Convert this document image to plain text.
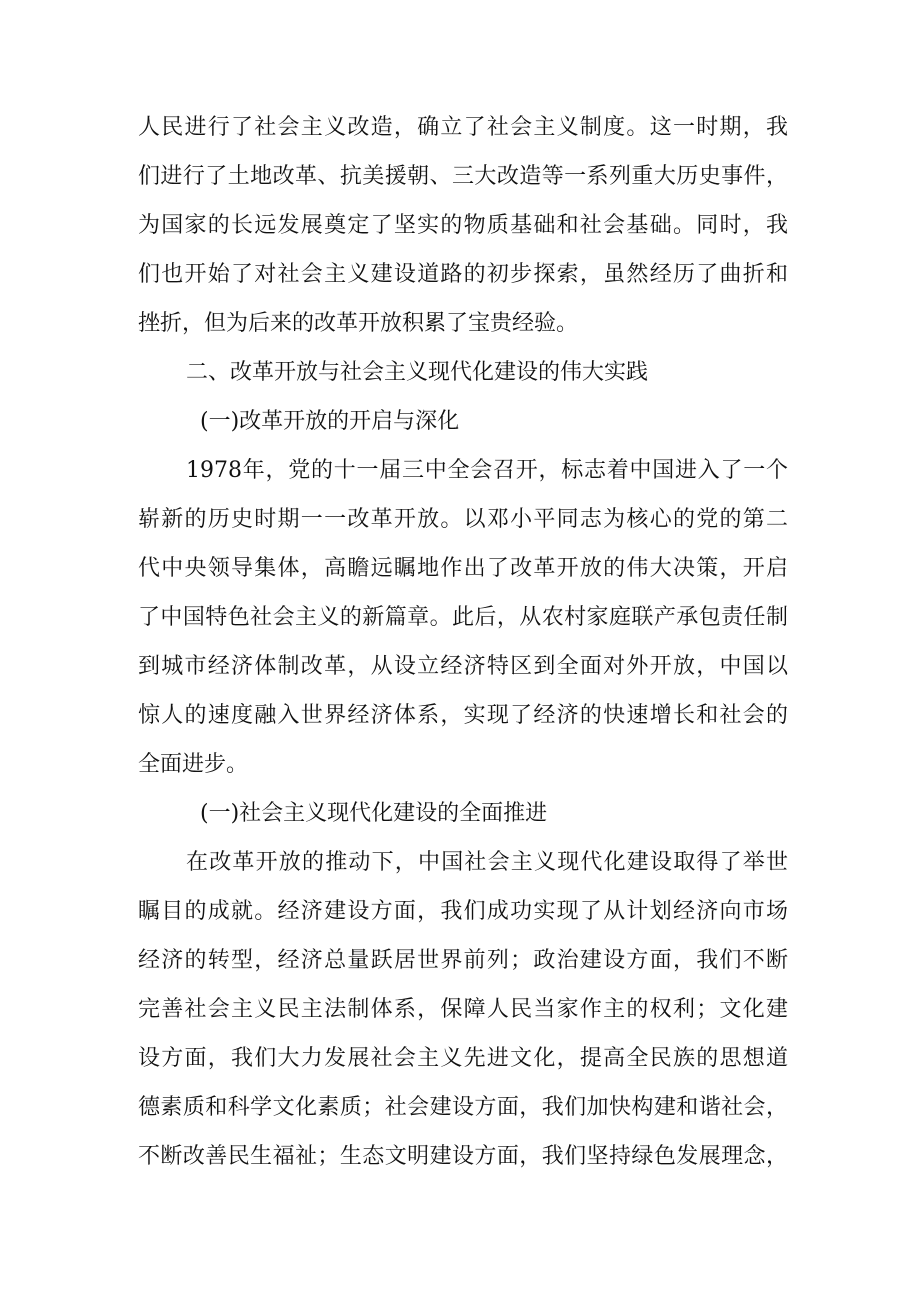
人民进行了社会主义改造，确立了社会主义制度。这一时期，我
们进行了土地改革、抗美援朝、三大改造等一系列重大历史事件，
为国家的长远发展奠定了坚实的物质基础和社会基础。同时，我
们也开始了对社会主义建设道路的初步探索，虽然经历了曲折和
挫折，但为后来的改革开放积累了宝贵经验。
二、改革开放与社会主义现代化建设的伟大实践
(一)改革开放的开启与深化
1978年，党的十一届三中全会召开，标志着中国进入了一个
崭新的历史时期一一改革开放。以邓小平同志为核心的党的第二
代中央领导集体，高瞻远瞩地作出了改革开放的伟大决策，开启
了中国特色社会主义的新篇章。此后，从农村家庭联产承包责任制
到城市经济体制改革，从设立经济特区到全面对外开放，中国以
惊人的速度融入世界经济体系，实现了经济的快速增长和社会的
全面进步。
(一)社会主义现代化建设的全面推进
在改革开放的推动下，中国社会主义现代化建设取得了举世
瞩目的成就。经济建设方面，我们成功实现了从计划经济向市场
经济的转型，经济总量跃居世界前列；政治建设方面，我们不断
完善社会主义民主法制体系，保障人民当家作主的权利；文化建
设方面，我们大力发展社会主义先进文化，提高全民族的思想道
德素质和科学文化素质；社会建设方面，我们加快构建和谐社会，
不断改善民生福祉；生态文明建设方面，我们坚持绿色发展理念，
